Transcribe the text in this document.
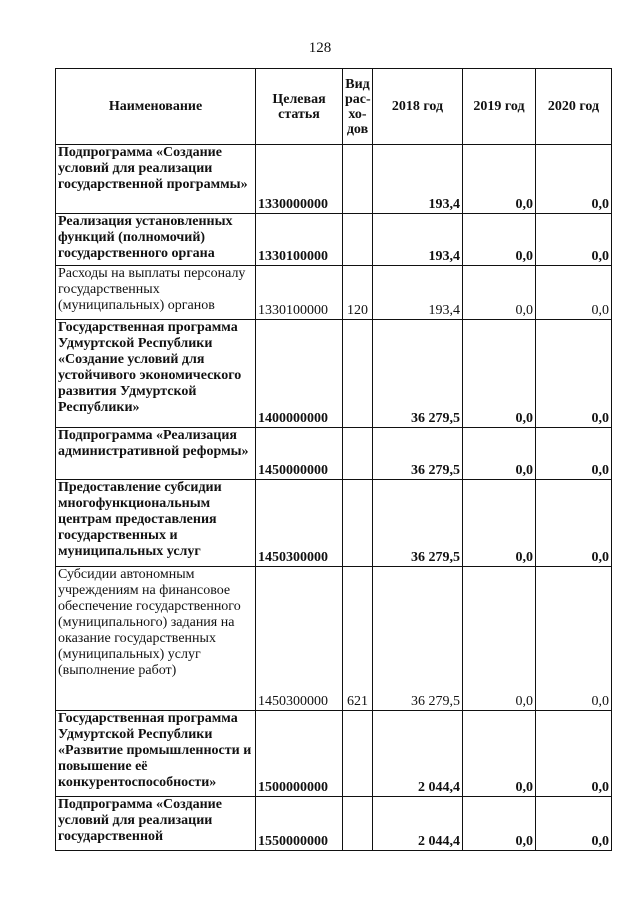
128
Наименование	Целевая статья	Вид рас-хо-дов	2018 год	2019 год	2020 год
Подпрограмма «Создание условий для реализации государственной программы»	1330000000		193,4	0,0	0,0
Реализация установленных функций (полномочий) государственного органа	1330100000		193,4	0,0	0,0
Расходы на выплаты персоналу государственных (муниципальных) органов	1330100000	120	193,4	0,0	0,0
Государственная программа Удмуртской Республики «Создание условий для устойчивого экономического развития Удмуртской Республики»	1400000000		36 279,5	0,0	0,0
Подпрограмма «Реализация административной реформы»	1450000000		36 279,5	0,0	0,0
Предоставление субсидии многофункциональным центрам предоставления государственных и муниципальных услуг	1450300000		36 279,5	0,0	0,0
Субсидии автономным учреждениям на финансовое обеспечение государственного (муниципального) задания на оказание государственных (муниципальных) услуг (выполнение работ)	1450300000	621	36 279,5	0,0	0,0
Государственная программа Удмуртской Республики «Развитие промышленности и повышение её конкурентоспособности»	1500000000		2 044,4	0,0	0,0
Подпрограмма «Создание условий для реализации государственной	1550000000		2 044,4	0,0	0,0
